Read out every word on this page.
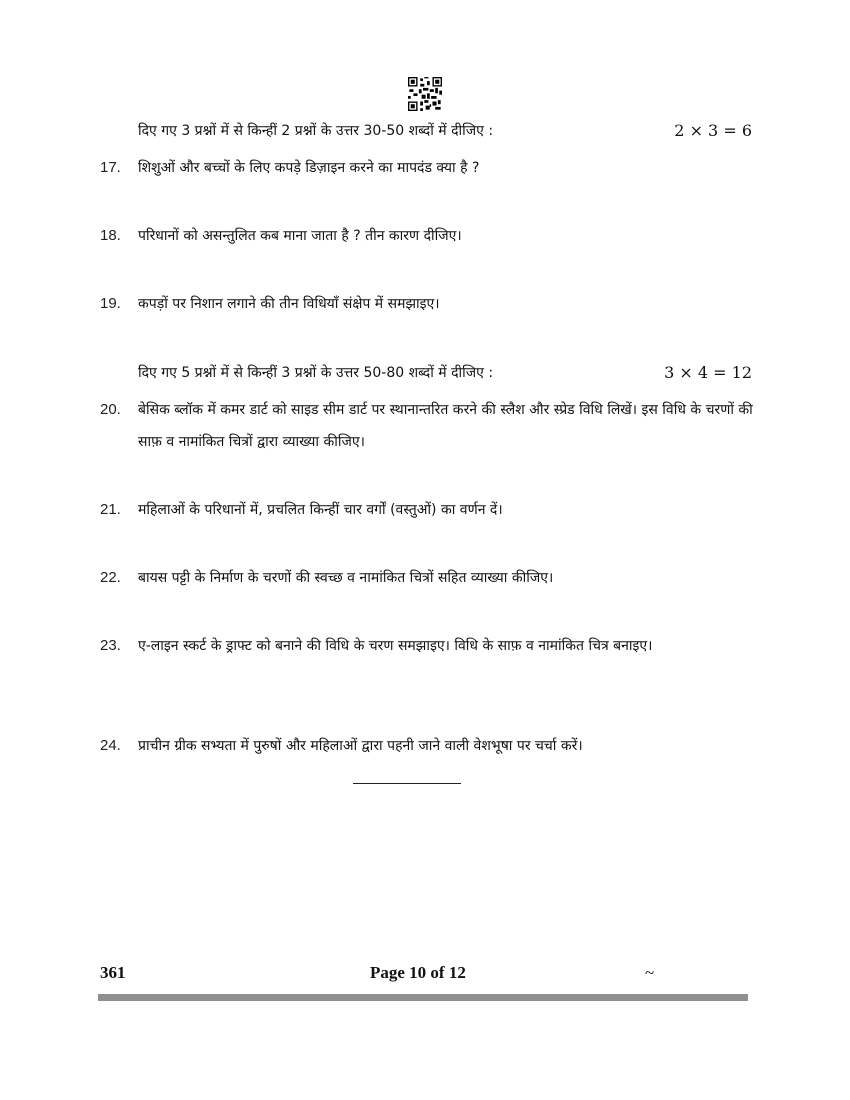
दिए गए 3 प्रश्नों में से किन्हीं 2 प्रश्नों के उत्तर 30-50 शब्दों में दीजिए :	2 × 3 = 6
17.	शिशुओं और बच्चों के लिए कपड़े डिज़ाइन करने का मापदंड क्या है ?
18.	परिधानों को असन्तुलित कब माना जाता है ? तीन कारण दीजिए।
19.	कपड़ों पर निशान लगाने की तीन विधियाँ संक्षेप में समझाइए।
दिए गए 5 प्रश्नों में से किन्हीं 3 प्रश्नों के उत्तर 50-80 शब्दों में दीजिए :	3 × 4 = 12
20.	बेसिक ब्लॉक में कमर डार्ट को साइड सीम डार्ट पर स्थानान्तरित करने की स्लैश और स्प्रेड विधि लिखें। इस विधि के चरणों की साफ़ व नामांकित चित्रों द्वारा व्याख्या कीजिए।
21.	महिलाओं के परिधानों में, प्रचलित किन्हीं चार वर्गों (वस्तुओं) का वर्णन दें।
22.	बायस पट्टी के निर्माण के चरणों की स्वच्छ व नामांकित चित्रों सहित व्याख्या कीजिए।
23.	ए-लाइन स्कर्ट के ड्राफ्ट को बनाने की विधि के चरण समझाइए। विधि के साफ़ व नामांकित चित्र बनाइए।
24.	प्राचीन ग्रीक सभ्यता में पुरुषों और महिलाओं द्वारा पहनी जाने वाली वेशभूषा पर चर्चा करें।
361	Page 10 of 12	~
